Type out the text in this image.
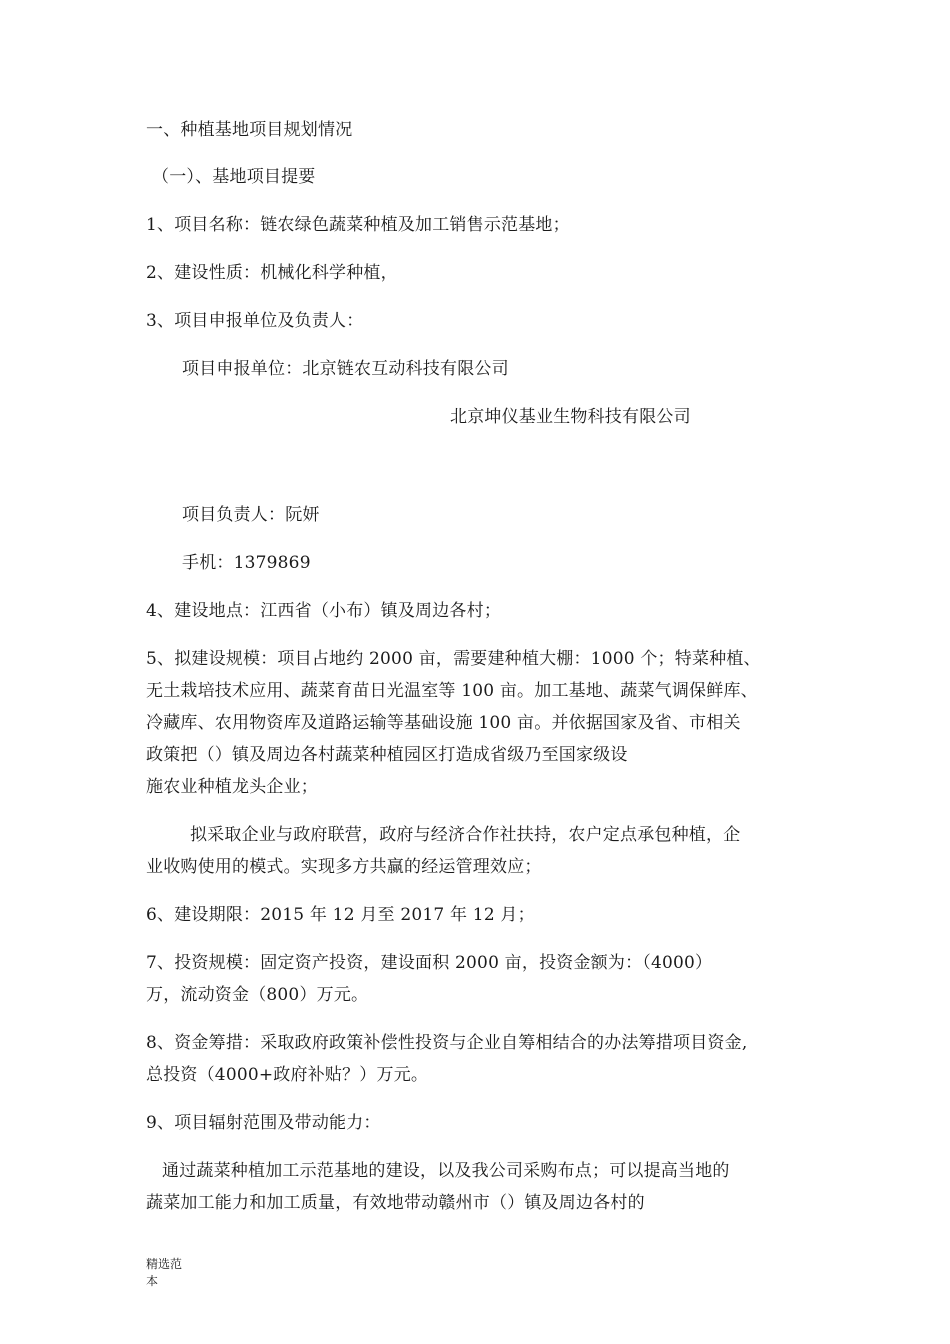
一、种植基地项目规划情况
（一）、基地项目提要
1、项目名称：链农绿色蔬菜种植及加工销售示范基地；
2、建设性质：机械化科学种植，
3、项目申报单位及负责人：
项目申报单位：北京链农互动科技有限公司
北京坤仪基业生物科技有限公司
项目负责人：阮妍
手机：1379869
4、建设地点：江西省（小布）镇及周边各村；
5、拟建设规模：项目占地约 2000 亩，需要建种植大棚：1000 个；特菜种植、
无土栽培技术应用、蔬菜育苗日光温室等 100 亩。加工基地、蔬菜气调保鲜库、
冷藏库、农用物资库及道路运输等基础设施 100 亩。并依据国家及省、市相关
政策把（）镇及周边各村蔬菜种植园区打造成省级乃至国家级设
施农业种植龙头企业；
拟采取企业与政府联营，政府与经济合作社扶持，农户定点承包种植，企
业收购使用的模式。实现多方共赢的经运管理效应；
6、建设期限：2015 年 12 月至 2017 年 12 月；
7、投资规模：固定资产投资，建设面积 2000 亩，投资金额为：（4000）
万，流动资金（800）万元。
8、资金筹措：采取政府政策补偿性投资与企业自筹相结合的办法筹措项目资金,
总投资（4000+政府补贴？）万元。
9、项目辐射范围及带动能力：
通过蔬菜种植加工示范基地的建设，以及我公司采购布点；可以提高当地的
蔬菜加工能力和加工质量，有效地带动赣州市（）镇及周边各村的
精选范
本
